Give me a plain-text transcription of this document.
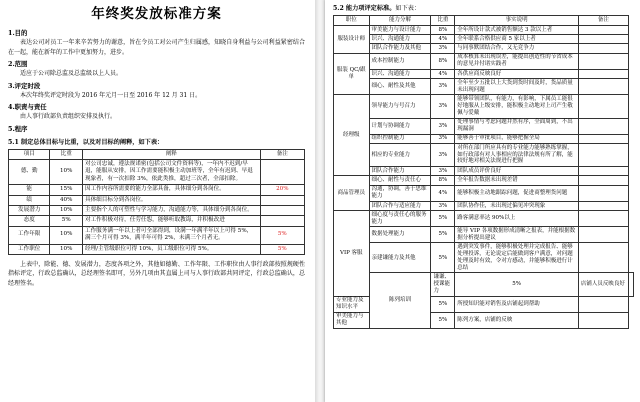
年终奖发放标准方案
1.目的
表达公司对员工一年来辛苦努力的谢意，旨在令员工对公司产生归属感，知晓自身利益与公司利益紧密结合在一起，能在新年的工作中更加努力，进步。
2.范围
适应于公司除总监及总监级以上人员。
3.评定时段
本次年终奖评定时段为 2016 年元月一日至 2016 年 12 月 31 日。
4.职责与责任
由人事行政部负责组织安排及执行。
5.程序
5.1 制定总体目标与比重，以及对目标的阐释，如下表：
项目	比重	阐释	备注
德、勤	10%	对公司忠诚，遵法规诺密(包括公司文件资料等)，一年内不迟到/早退，能服从安排，因工作需要能积极主动加班等，全年有迟到、早退现象者，有一次扣除 3%，依此类推，超过三次者，全部扣除。	
能	15%	因工作内容所需要的能力全部具备，具体细分到各岗位。	20%
绩	40%	具体细目标分到各岗位。	
发展潜力	10%	主要指个人的可塑性与学习能力，沟通能力等，具体细分到各岗位。	
态度	5%	对工作积极对待，任劳任怨，能够听取教诲，并积极改进	
工作年限	10%	工作服务满一年以上者可全部得到，设满一年满半年以上可得 5%，满三个月可得 3%，满半年可得 2%，未满三个月者无。	5%
工作职位	10%	经理/主管级职位可得 10%，员工级职位可得 5%。	5%
上表中，除能、德、发展潜力，态度各项之外，其他如德勤、工作年限、工作职位由人事行政部按照规硬性指标评定，行政总监确认，总经理签名即可，另外几项由其直属上司与人事行政部共同评定，行政总监确认，总经理签名。
5.2 能力项评定标准。如下表：
职位	能力分解	比重	事实说明	备注	
服装设计师	审美能力与设计能力	8%	全年所设计款式被销售额达 3 款以上者		
	识兴、沟通能力	4%	全年联系合格供应商 5 家以上者		
	团队合作能力及其他	3%	与同事默团结合作，又无竞争力		
服装 QC/跟单	成本控制能力	8%	成本核算未出现误差，能提出创造性的节省成本的意见并付诸实践者		
	识兴、沟通能力	4%	各供应商反映良好		
	细心、耐性及其他	3%	全年至少五批以上大货到货时间及时，货品质量未出现问题		
经理级	领导能力与号召力	3%	能够带领团队，有能力，有影响，下属员工能很好地服从上级安排，能积极主动地对上司产生敬佩与爱戴		
	计划与协调能力	3%	处理事情与考虑问题井然有序，全面周到，不出现漏洞		
	组织控制能力	3%	能够善于审批项目，能够把握全局		
	相应的专业能力	3%	对所在部门所应具有的专业能力能够熟练掌握，如行政部有对人事相应的法律法规有所了解，能较好地对相关法规进行把握		
	团队合作能力	3%	团队成员评价良好		
商品管理员	细心、耐性与责任心	8%	全年报告数据未出现差错		
	沟通，协调，善于思维能力	4%	能够积极主动地跟踪问题，促进商整理货问题		
	团队合作与适应能力	3%	团队协作佳，未出现过偏见冲突现象		
VIP 客服	细心度与责任心的服务能力	5%	路客满意率达 90%以上		
	数据处理能力	5%	能导 VIP 各项数据形成清晰之报表，并能根据数据分析提出建议		
	亲建谦能力及其他	5%	遇到突发事件，能够积极处理并完成报告、能够处理投诉，无论说定后能做到客户满意，对问题处理及时有效，令对方感动，并能够积极进行计总结		
	陈列培训	谦谦、授课能力	5%	店铺人员反映良好	
专业能力及知识水平		5%	所授知识能对销售及店铺起到帮助		
审美能力与其他		5%	陈列方案，店铺的反映		
